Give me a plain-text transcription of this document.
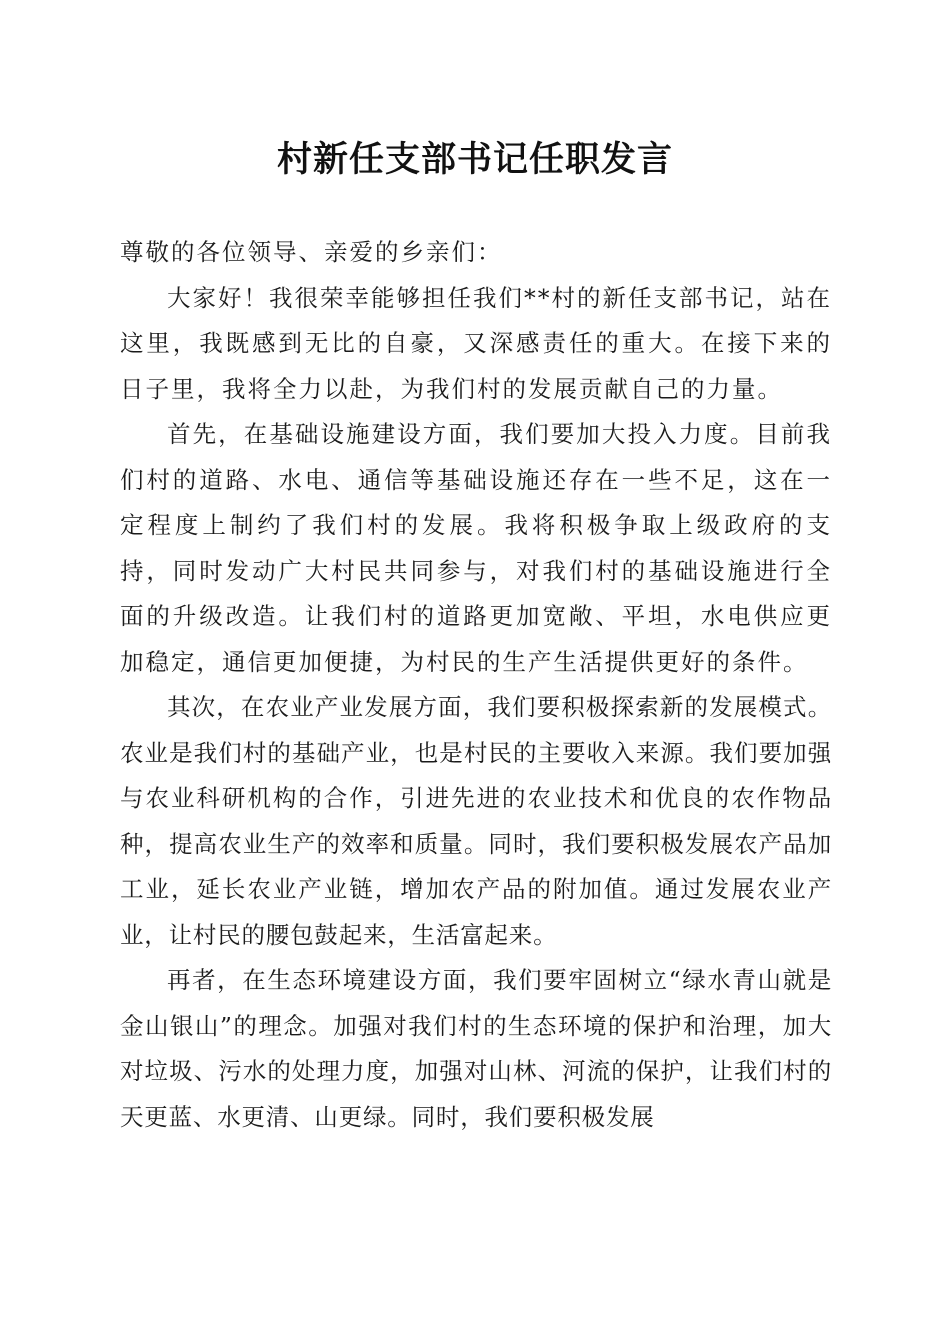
村新任支部书记任职发言

尊敬的各位领导、亲爱的乡亲们：

大家好！我很荣幸能够担任我们**村的新任支部书记，站在这里，我既感到无比的自豪，又深感责任的重大。在接下来的日子里，我将全力以赴，为我们村的发展贡献自己的力量。

首先，在基础设施建设方面，我们要加大投入力度。目前我们村的道路、水电、通信等基础设施还存在一些不足，这在一定程度上制约了我们村的发展。我将积极争取上级政府的支持，同时发动广大村民共同参与，对我们村的基础设施进行全面的升级改造。让我们村的道路更加宽敞、平坦，水电供应更加稳定，通信更加便捷，为村民的生产生活提供更好的条件。

其次，在农业产业发展方面，我们要积极探索新的发展模式。农业是我们村的基础产业，也是村民的主要收入来源。我们要加强与农业科研机构的合作，引进先进的农业技术和优良的农作物品种，提高农业生产的效率和质量。同时，我们要积极发展农产品加工业，延长农业产业链，增加农产品的附加值。通过发展农业产业，让村民的腰包鼓起来，生活富起来。

再者，在生态环境建设方面，我们要牢固树立“绿水青山就是金山银山”的理念。加强对我们村的生态环境的保护和治理，加大对垃圾、污水的处理力度，加强对山林、河流的保护，让我们村的天更蓝、水更清、山更绿。同时，我们要积极发展
